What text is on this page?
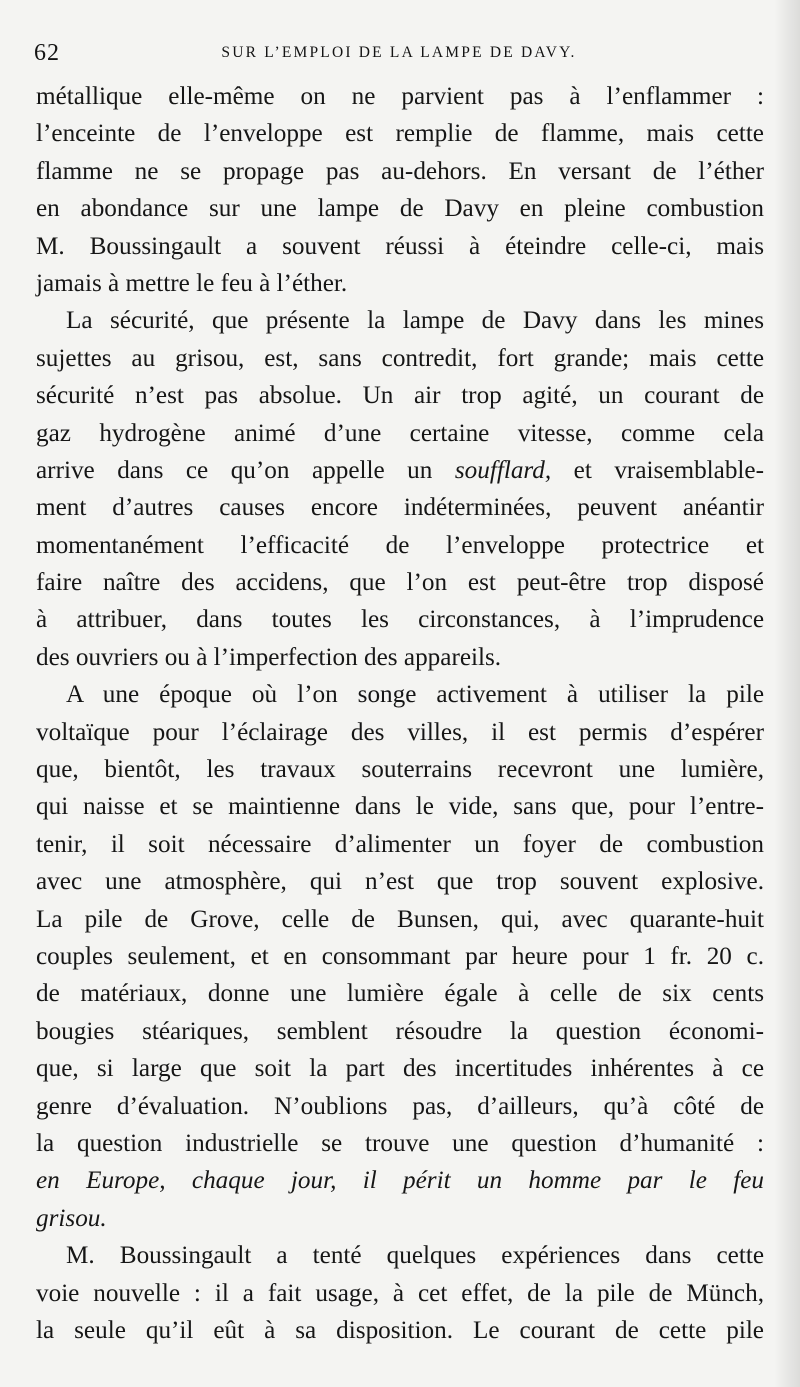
62	SUR L’EMPLOI DE LA LAMPE DE DAVY.
métallique elle-même on ne parvient pas à l’enflammer :
l’enceinte de l’enveloppe est remplie de flamme, mais cette
flamme ne se propage pas au-dehors. En versant de l’éther
en abondance sur une lampe de Davy en pleine combustion
M. Boussingault a souvent réussi à éteindre celle-ci, mais
jamais à mettre le feu à l’éther.
La sécurité, que présente la lampe de Davy dans les mines
sujettes au grisou, est, sans contredit, fort grande; mais cette
sécurité n’est pas absolue. Un air trop agité, un courant de
gaz hydrogène animé d’une certaine vitesse, comme cela
arrive dans ce qu’on appelle un soufflard, et vraisemblable-
ment d’autres causes encore indéterminées, peuvent anéantir
momentanément l’efficacité de l’enveloppe protectrice et
faire naître des accidens, que l’on est peut-être trop disposé
à attribuer, dans toutes les circonstances, à l’imprudence
des ouvriers ou à l’imperfection des appareils.
A une époque où l’on songe activement à utiliser la pile
voltaïque pour l’éclairage des villes, il est permis d’espérer
que, bientôt, les travaux souterrains recevront une lumière,
qui naisse et se maintienne dans le vide, sans que, pour l’entre-
tenir, il soit nécessaire d’alimenter un foyer de combustion
avec une atmosphère, qui n’est que trop souvent explosive.
La pile de Grove, celle de Bunsen, qui, avec quarante-huit
couples seulement, et en consommant par heure pour 1 fr. 20 c.
de matériaux, donne une lumière égale à celle de six cents
bougies stéariques, semblent résoudre la question économi-
que, si large que soit la part des incertitudes inhérentes à ce
genre d’évaluation. N’oublions pas, d’ailleurs, qu’à côté de
la question industrielle se trouve une question d’humanité :
en Europe, chaque jour, il périt un homme par le feu
grisou.
M. Boussingault a tenté quelques expériences dans cette
voie nouvelle : il a fait usage, à cet effet, de la pile de Münch,
la seule qu’il eût à sa disposition. Le courant de cette pile
